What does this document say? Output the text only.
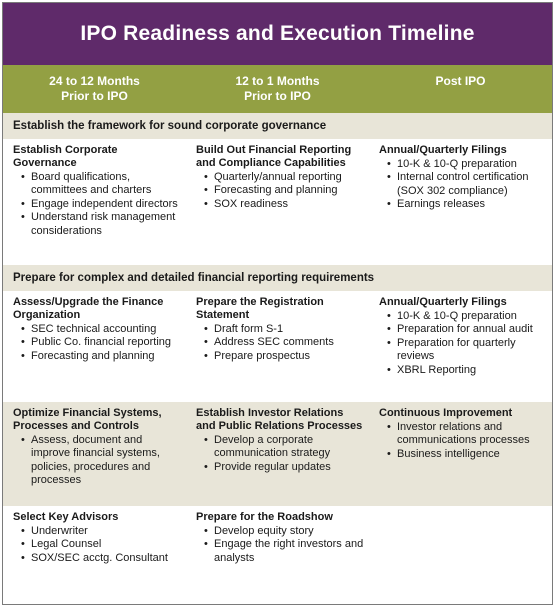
IPO Readiness and Execution Timeline
24 to 12 Months
Prior to IPO
12 to 1 Months
Prior to IPO
Post IPO
Establish the framework for sound corporate governance
Establish Corporate Governance
• Board qualifications, committees and charters
• Engage independent directors
• Understand risk management considerations
Build Out Financial Reporting and Compliance Capabilities
• Quarterly/annual reporting
• Forecasting and planning
• SOX readiness
Annual/Quarterly Filings
• 10-K & 10-Q preparation
• Internal control certification (SOX 302 compliance)
• Earnings releases
Prepare for complex and detailed financial reporting requirements
Assess/Upgrade the Finance Organization
• SEC technical accounting
• Public Co. financial reporting
• Forecasting and planning
Prepare the Registration Statement
• Draft form S-1
• Address SEC comments
• Prepare prospectus
Annual/Quarterly Filings
• 10-K & 10-Q preparation
• Preparation for annual audit
• Preparation for quarterly reviews
• XBRL Reporting
Optimize Financial Systems, Processes and Controls
• Assess, document and improve financial systems, policies, procedures and processes
Establish Investor Relations and Public Relations Processes
• Develop a corporate communication strategy
• Provide regular updates
Continuous Improvement
• Investor relations and communications processes
• Business intelligence
Select Key Advisors
• Underwriter
• Legal Counsel
• SOX/SEC acctg. Consultant
Prepare for the Roadshow
• Develop equity story
• Engage the right investors and analysts
